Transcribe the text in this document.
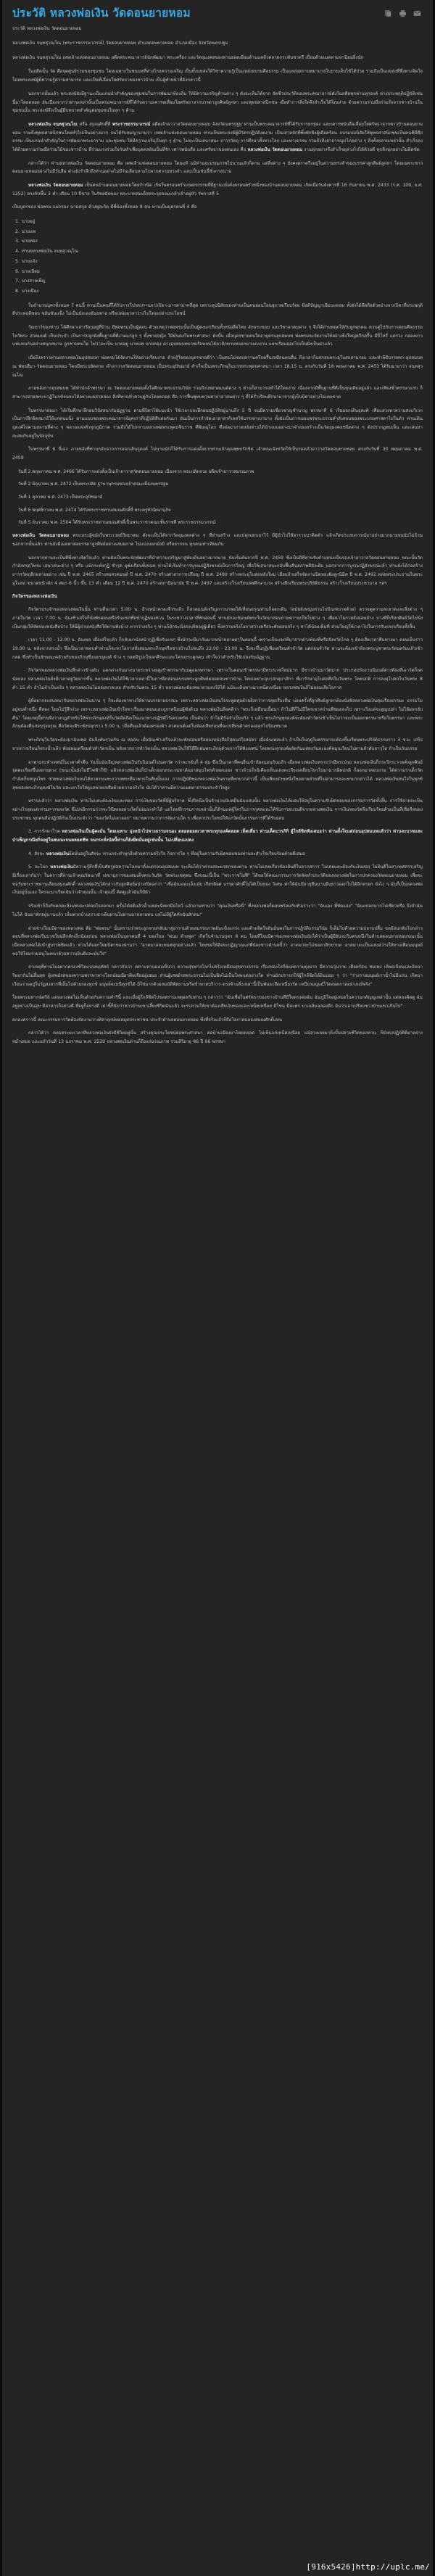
ประวัติ หลวงพ่อเงิน วัดดอนยายหอม

ประวัติ หลวงพ่อเงิน วัดดอนยายหอม

หลวงพ่อเงิน จนฺทสุวณฺโณ (พระราชธรรมาภรณ์) วัดดอนยายหอม ตำบลดอนยายหอม อำเภอเมือง จังหวัดนครปฐม

หลวงพ่อเงิน จนฺทสุวณฺโณ เทพเจ้าแห่งดอนยายหอม อดีตพระคณาจารย์นักพัฒนา พระเครื่อง และวัตถุมงคลของท่านยอดเยี่ยมด้านแคล้วคลาดกระพันชาตรี เปี่ยมด้วยเมตตามหานิยมยิ่งนัก

ในอดีตนั้น วัด คือจุดศูนย์รวมของชุมชน โดยเฉพาะในชนบทที่ห่างไกลความเจริญ เป็นทั้งแหล่งให้วิชาความรู้เป็นแหล่งอบรมศีลธรรม เป็นแหล่งสถานพยาบาลในยามเจ็บไข้ได้ป่วย รวมถึงเป็นแหล่งที่พึ่งทางจิตใจ โดยพระสงฆ์ผู้มีความรู้ความสามารถ และเป็นที่เลื่อมใสศรัทธาของชาวบ้าน เป็นผู้ทำหน้าที่ดังกล่าวนี้

นอกจากนั้นแล้ว พระสงฆ์ยังมีฐานะเป็นแกนนำสำคัญของชุมชนในการพัฒนาท้องถิ่น ให้มีความเจริญด้านต่าง ๆ ดังจะเห็นได้จาก อัตชีวประวัติของพระคณาจารย์ดังในอดีตทุกท่านทุกองค์ ต่างประพฤติปฏิบัติเช่นนี้มาโดยตลอด อันเนื่องจากว่าท่านเหล่านั้นเป็นพระคณาจารย์ที่ได้รับความเคารพเลื่อมใสศรัทธาจากบรรดาลูกศิษย์ลูกหา และพุทธศาสนิกชน เมื่อทำการสิ่งใดจึงสำเร็จได้โดยง่าย ด้วยความร่วมมือร่วมใจจากชาวบ้านในชุมชนนั้น พระสงฆ์จึงเป็นผู้มีบทบาทสำคัญต่อชุมชนในทุก ๆ ด้าน

หลวงพ่อเงิน จนฺทสุวณฺโณ หรือ สมณศักดิ์ที่ พระราชธรรมาภรณ์ อดีตเจ้าอาวาสวัดดอนยายหอม จังหวัดนครปฐม ท่านเป็นพระคณาจารย์ที่ได้รับการยกย่อง และเคารพนับถือเลื่อมใสศรัทธาจากชาวบ้านดอนยายหอม รวมถึงพุทธศาสนิกชนโดยทั่วไปเป็นอย่างมาก จนได้รับสมญานามว่า เทพเจ้าแห่งดอนยายหอม ท่านเป็นพระสงฆ์ผู้มีวัตรปฏิบัติงดงาม เป็นเสาหลักที่พึ่งพักพิงผู้เดือดร้อน อบรมบ่มนิสัยให้พุทธศาสนิกชนเป็นคนดีมีศีลธรรม เป็นแกนนำสำคัญในการพัฒนาพระอาราม และชุมชน ให้มีความเจริญในทุก ๆ ด้าน ไม่จะเป็นเสนาสนะ ถาวรวัตถุ การศึกษาทั้งทางโลก และทางธรรม รวมถึงสิ่งสาธารณูปโภคต่าง ๆ สิ่งทั้งหลายเหล่านั้น สำเร็จลงได้ด้วยความร่วมมือร่วมไม้ของชาวบ้าน ที่ร่วมแรงร่วมใจกันทำเพื่อบุคคลอันเป็นที่รัก เคารพนับถือ และศรัทธาของตนเอง คือ หลวงพ่อเงิน วัดดอนยายหอม งานทุกอย่างจึงสำเร็จลุล่วงไปได้ด้วยดี ทุกสิ่งทุกอย่างไม่ติดขัด

กล่าวได้ว่า ท่านหลวงพ่อเงิน วัดดอนยายหอม คือ เทพเจ้าแห่งดอนยายหอม โดยแท้ แม้ท่านจะมรณภาพไปนานแล้วก็ตาม แต่สิ่งต่าง ๆ ยังคงตราตรึงอยู่ในความทรงจำของบรรดาลูกศิษย์ลูกหา โดยเฉพาะชาวดอนยายหอมอย่างไม่มีวันลืม ต่างยังรำลึกถึงท่านอย่างไม่มีวันเลือนหายไปจากความทรงจำ และเป็นเช่นนี้ชั่วกาลนาน

หลวงพ่อเงิน วัดดอนยายหอม เป็นคนบ้านดอนยายหอมโดยกำเนิด เกิดในครอบครัวเกษตรกรรมที่มีฐานะมั่งคั่งครอบครัวหนึ่งของบ้านดอนยายหอม เกิดเมื่อวันอังคารที่ 16 กันยายน พ.ศ. 2433 (ร.ศ. 109, จ.ศ. 1252) ตรงกับขึ้น 3 ค่ำ เดือน 10 ปีขาล ในรัชสมัยของ พระบาทสมเด็จพระจุลจอมเกล้าเจ้าอยู่หัว รัชกาลที่ 5

เป็นบุตรของ พ่อพรม-แม่กรอง นามสกุล ด้วงพูลเกิด มีพี่น้องทั้งหมด 8 คน ท่านเป็นบุตรคนที่ 4 คือ

1. นายอยู่
2. นายแพ
3. นายทอง
4. ท่านหลวงพ่อเงิน จนฺทสุวณฺโณ
5. นายแจ้ง
6. นายเนียม
7. นางสายเพ็ญ
8. นางเมือง

ในจำนวนบุตรทั้งหมด 7 คนนี้ ท่านเป็นคนที่ได้รับการโปรดปรานจากบิดา-มารดามากที่สุด เพราะอุปนิสัยของท่านเป็นคนอ่อนโยนสุภาพเรียบร้อย มีสติปัญญาเฉียบแหลม ทั้งยังได้ยึดถือตัวอย่างจากบิดาที่ประพฤติดีประพฤติชอบ ขยันขันแข็ง ไม่เป็นนักเลงอันธพาล หรือปล่อยเวลาว่างไปโดยเปล่าประโยชน์

วัยเยาว์ของท่าน ได้ศึกษาเล่าเรียนอยู่ที่บ้าน มีพ่อพรมเป็นผู้สอน ด้วยเหตุว่าพ่อพรมนั้นเป็นผู้คงแก่เรียนทั้งหนังสือไทย อักษระขอม และวิชาอาคมต่าง ๆ จึงได้ถ่ายทอดให้กับลูกทุกคน ควบคู่ไปกับการสอนศีลธรรม ไหว้พระ สวดมนต์ เป็นประจำ เป็นการปลูกฝังพื้นฐานที่ดีงามแก่ลูก ๆ ทั้งชายหญิง ให้มั่นคงในพระศาสนา ดังนั้น เมื่อบุตรชายคนใดอายุครบอุปสมบท พ่อพรมจะจัดงานให้อย่างยิ่งใหญ่ครึกครื้น มีปี่โหรี่ แตรวง กลองยาว แห่แหนกันอย่างสนุกสนาน ลูกชายคนโต ไม่ว่าจะเป็น นายอยู่ นายแพ นายทอง ต่างอุปสมบทบวชเรียนจนได้ลาสิกขาบทออกมาแต่งงาน แยกเรือนออกไปเป็นฝั่งเป็นฝาแล้ว

เมื่อถึงคราวท่านหลวงพ่อเงินอุปสมบท พ่อพรมได้จัดงานให้อย่างเรียบง่าย ด้วยรู้ใจของบุตรชายดีว่า เป็นคนไม่ชอบความครึกครื้นเหมือนคนอื่น ถึงเวลาก็แห่รอบพระอุโบสถสามรอบ และทำพิธีบรรพชา-อุปสมบท ณ พัทธสีมา วัดดอนยายหอม โดยมีพระปลัดฮวย เจ้าอาวาสวัดดอนยายหอม เป็นพระอุปัชฌาย์ สำเร็จเป็นเพระภิกษุในบวรพระพุทธศาสนา เวลา 18.15 น. ตรงกับวันที่ 18 พฤษภาคม พ.ศ. 2453 ได้รับฉายาว่า จนฺทสุวณฺโณ

ภายหลังการอุปสมบท ได้ทำนักจำพรรษา ณ วัดดอนยายหอมตั้งใจศึกษาพระธรรมวินัย รวมถึงบทสวดมนต์ต่าง ๆ ท่านก็สามารถทำได้โดยง่าย เนื่องจากมีพื้นฐานที่ดีเป็นทุนเดิมอยู่แล้ว และเพียงชั่วพรรษาแรก ก็สามารถสวดพระปาฏิโมกข์จนจบได้อย่างแคล่วคล่อง สิ่งที่ท่านทำควบคู่กันโดยตลอด คือ การฟื้นฟูทบทวนคาถาอาคมต่าง ๆ ที่ได้ร่ำเรียนศึกษามาจากผู้เป็นบิดาอย่างไม่เคยขาด

ในพรรษาต่อมา ได้เริ่มศึกษาฝึกฝนวิปัสสนากัมมัฏฐาน ตามที่บิดาได้แนะนำ ใช้เวลาและฝึกฝนปฏิบัติอยู่นานถึง 5 ปี จนมีความเชี่ยวชาญชำนาญ พรรษาที่ 6 เริ่มออกเดินธุดงค์ เพื่อแสวงหาความสงบวิเวก เป็นการฝึกจิตสมาธิให้แก่ตนแข็ง ตามแบบของพระคณาจารย์ยุคเก่าที่ปฏิบัติสืบต่อกันมา อันเป็นการกำจัดเอาอาสวกิเลสให้บรรเทาเบาบาง ทั้งยังเป็นการเผยแพร่พระธรรมคำสั่งสอนของพระบรมศาสดาไปในตัว ท่านเดินธุดงค์ไปตามสถานที่ต่าง ๆ หลายแห่งทั่วทุกภูมิภาค รวมถึงได้ไปกราบหลวงพ่อพระพุทธชินราช ที่พิษณุโลก ซึ่งต่อมาภายหลังท่านได้นำแบบอย่างมาจำลองสร้างเป็นวัตถุมงคลชนิดต่าง ๆ ดังปรากฏพบเห็น และเล่นหาสะสมกันอยู่ในปัจจุบัน

ในพรรษาที่ 6 นี่เอง ภายหลังที่ท่านกลับจากการออกเดินธุดงค์ ไม่นานนักก็ได้รับการแต่งตั้งจากท่านเจ้าคุณพุทธรักขิต เจ้าคณะจังหวัดให้เป็นรองเจ้าอาวาสวัดดอนยายหอม ตรงกับวันที่ 30 พฤษภาคม พ.ศ. 2459

วันที่ 2 พฤษภาคม พ.ศ. 2466 ได้รับการแต่งตั้งเป็นเจ้าอาวาสวัดดอนยายหอม เนื่องจาก พระปลัดฮวย อดีตเจ้าอาวาสมรณภาพ

วันที่ 2 มิถุนายน พ.ศ. 2472 เป็นพระปลัด ฐานานุกรมของเจ้าคณะเมืองนครปฐม

วันที่ 1 ตุลาคม พ.ศ. 2473 เป็นพระอุปัชฌาย์

วันที่ 6 พฤศจิกายน พ.ศ. 2474 ได้รับพระราชทานสมณศักดิ์ที่ พระครูทักษิณานุกิจ

วันที่ 5 ธันวาคม พ.ศ. 2504 ได้รับพระราชทานสมณศักดิ์เป็นพระราชาคณะชั้นราชที่ พระราชธรรมาภรณ์

หลวงพ่อเงิน วัดดอนยายหอม พระเถระผู้ขมังในพระเวทย์วิทยาคม ดังจะเห็นได้จากวัตถุมงคลต่าง ๆ ที่ท่านสร้าง และปลุกเสกเอาไว้ มีผู้นำไปใช้อาราธนาติดตัว แล้วเกิดประสบการณ์มาอย่างมากมายจนนับไม่ถ้วน นอกจากนั้นแล้ว ท่านยังมีเมตตาต่อบรรดาลูกศิษย์อย่างเสมอภาค ไม่แบ่งแยกมั่งมี หรือยากจน ทุกคนเท่าเทียมกัน

นอกจากท่านจะเป็นที่พึ่งทางจิตใจแล้ว ท่านยังเป็นพระนักพัฒนาที่นำความเจริญมาสู่ท้องถิ่นอย่างมากมาย นับเริ่มต้นจากปี พ.ศ. 2459 ซึ่งเป็นปีที่ท่านรับตำแหน่งเป็นรองเจ้าอาวาสวัดดอนยายหอม ขณะนั้นวัดกำลังทรุดโทรม เสนาสนะต่าง ๆ หรือ แม้กระทั่งกุฏิ ชำรุด ผุพังเกือบทั้งหมด ท่านได้เริ่มทำการบูรณปฏิสังขรณ์เป็นการใหญ่ เพื่อให้เสนาสนะกลับฟื้นคืนสภาพดีดังเดิม นอกจากการบูรณปฏิสังขรณ์แล้ว ท่านยังได้ก่อสร้างถาวรวัตถุอีกหลายอย่าง เช่น ปี พ.ศ. 2465 สร้างหอสวดมนต์ ปี พ.ศ. 2470 สร้างศาลาการเปรียญ ปี พ.ศ. 2480 สร้างพระอุโบสถหลังใหม่ เมื่อแล้วเสร็จจัดงานปิดทองฝังลูกนิมิต ปี พ.ศ. 2492 หล่อพระประธานในพระอุโบสถ ขนาดหน้าตัก 4 ศอก 6 นิ้ว ขึ้น 13 ค่ำ เดือน 12 ปี พ.ศ. 2470 สร้างสถานีอนามัย ปี พ.ศ. 2497 และสร้างโรงเรียนสพศึกษาบาล สร้างตึกเรียนพระปริยัติธรรม สร้างโรงเรียนประชาบาล ฯลฯ

กิจวัตรของหลวงพ่อเงิน

กิจวัตรประจำของหลวงพ่อเงินนั้น ท่านตื่นเวลา 5.00 น. ล้างหน้าครองจีวรแล้ว ก็สวดมนต์เจริญภาวนาพอได้เที่ยนอรุณท่านก็ออกเดิน (สมัยยังหนุ่มท่านไปบิณฑบาตด้วย) ตรวจดูความสะอาดและสิ่งต่าง ๆ ภายในวัด เวลา 7.00 น. ฉันเช้าเสร็จก็นั่งพักผ่อนหรือรับแขกที่หน้ากุฏิของท่าน ในระหว่างเวลาที่พักผ่อนนี้ ท่านมักจะนิมนต์พระในวัดมาสอบถามความเป็นไปต่าง ๆ เพื่อหาโอกาสสั่งสอนบ้าง บางทีก็เรียกศิษย์วัดไปนั่งเป็นกลุ่มให้หัดท่องหนังสือบ้าง ให้มีผู้อ่านหนังสือให้ท่านฟังบ้าง หากว่างจริง ๆ ท่านก็มักจะนั่งสงบจิตอยู่ผู้เดียว ซึ่งความจริงโอกาสว่างหรือจะพักผ่อนจริง ๆ หาได้น้อยเต็มที ส่วนใหญ่ใช้เวลาไปในการรับแขกเกือบทั้งสิ้น

เวลา 11.00 - 12.00 น. ฉันเพล เมื่อเสร็จแล้ว ก็กลับมานั่งหน้ากุฏิเพื่อรับแขก ซึ่งมักจะมีมากันมากหน้าหลายตาในตอนนี้ เพราะเป็นแขกที่มาจากต่างท้องที่หรือจังหวัดไกล ๆ ต้องเสียเวลาคืนทางมา ตอนเย็นราว 19.00 น. หลังจากสรงน้ำ ซึ่งเป็นเวลาพลบค่ำท่านก็จะหาโอกาสสั่งสอนพระภิกษุหรือชาวบ้านไปจนถึง 22.00 - 23.00 น. จึงจะขึ้นกุฏิเพื่อเตรียมตัวจำวัด แต่ก่อนจำวัด ท่านจะต้องเข้าห้องพระบูชาพระรัตนตรัยแล้วเข้ากลด ซึ่งทำเป็นลักษณะคล้ายกับของภิกษุซึ่งออกธุดงค์ ข้าง ๆ กลดมีรูปะโหลกศีรษะและโครงกระดูกคน เข้าใจว่าสำหรับใช้เปลงกัมมัฏฐาน

กิจวัตรของหลวงพ่อเงินที่กล่าวข้างต้น แตกต่างกันมากมายระหว่างฤดูเข้าพรรษากับฤดูออกพรรษา เพราะในตอนเข้าพรรษามีพระบวชใหม่มาก มีชาวบ้านมาวัดมาก ประกอบกับงานนิมนต์ต่างท้องที่เอาวัดก็ลดน้อยลง หลวงพ่อเงินจึงมีเวลาอยู่วัดมากขึ้น หลวงพ่อเงินได้ใช้เวลาเหล่านี้ในการฝึกสอนอบรมพระลูกศิษย์ตลอดจนชาวบ้าน โดยเฉพาะอุบาสกอุบาสิกา ที่มารักษาอุโบสถศีลในวันพระ โดยปกติ การลงอุโบสถในวันพระ 8 ค่ำ 15 ค่ำ ถ้าไม่จำเป็นจริง ๆ หลวงพ่อเงินไม่ยอมขาดเลย สำหรับวันพระ 15 ค่ำ หลวงพ่อจะต้องพยายามลงให้ได้ แม้จะเดินทางมาเหน็ดเหนื่อย หลวงพ่อเงินก็ไม่ยอมเสียโอกาส

ผู้ที่อยากจะสนทนากับหลวงพ่อเงินนาน ๆ ก็จะต้องหาทางให้ท่านบรรยายธรรมะ เพราะหลวงพ่อเงินสนใจจะพูดคุยด้วยยิ่งกว่าการคุยเรื่องอื่น บ่อยครั้งที่ลูกศิษย์ลูกหาต้องนั่งฟังหลวงพ่อเงินคุยเรื่องธรรมะ ธรรมโม อยู่จนค่ำหนึ่ง ดีสอง โดยไม่รู้สึกง่วง เพราะหลวงพ่อเงินเข้าใจหาเรื่องมาสอนและถูกรสนิยมผู้ฟังด้วย หลวงพ่อเงินถือคติว่า "พระก็เหมือนเนื้อนา ถ้าไม่ดีก็ไม่มีใครเขาหว่านพืชผลลงไป เพราะริงแต่จะสูญเปล่า ไม่ได้ผลกลับคืน" โดยเหตุนี้ท่านจึงวางกฎสำหรับให้พระภิกษุสงฆ์ในวัดยึดถือเป็นแนวทางปฏิบัติไว้เคร่งครัด เป็นต้นว่า ถ้าไม่มีกิจจำเป็นจริง ๆ แล้ว พระภิกษุทุกองค์จะต้องทำวัตรเช้าเย็นไม่ว่าจะเป็นออกพรรษาหรือในพรรษา และพระภิกษุต้องตื่นก่อนรุ่งอรุณ คือวัดจะตีระฆังปลุกราว 5.00 น. เมื่อตื่นแล้วต้องครองผ้า สวดมนต์แต่ในท้องเสียก่อนที่จะเปลี่ยนผ้าครองออกไปบิณฑบาต

พระภิกษุในวัดจะต้องมาฉันเพล ฉันจึงทันรวมกัน ณ หอฉัน เมื่อฉันเช้าเสร็จแล้วจะพักผ่อนหรือท่องหนังสือก็สุดแต่ใจสมัคร เมื่อฉันเพลแล้ว ถ้าเป็นในฤดูในพรรษาจะต้องขึ้นเรียนพระปริยัติธรรมราว 3 ช.ม. เสร็จจากการเรียนก็สรงน้ำแล้ว พักผ่อนเตรียมตัวทำวัตรเย็น หลังจากการทำวัตรเย็น หลวงพ่อเงินใช้วิธีฝึกฝนพระภิกษุด้วยการให้ฟังเทศน์ โดยพระทุกองค์ผลัดกันแสดงวันละองค์หมุนเวียนไปตามลำดับอาวุโส ถ้าเป็นวันธรรม

อาพาธกะทำเทศน์ในเวลาค่ำคืน วันนั้นบังเอิญหลวงพ่อเงินรับนิมนต์ไปนอกวัด กว่าจะกลับก็ 4 ทุ่ม ซึ่งเป็นเวลาที่คนอื่นเข้าห้องนอนกันแล้ว เมื่อหลวงพ่อเงินทราบว่ามีพระป่วย หลวงพ่อเงินก็กระวีกระวาดสั่งลูกศิษย์จุดตะเกียงขึ้นหลายดวง (ขณะนั้นยังไม่มีไฟฟ้าใช้) แล้วหลวงพ่อเงินก็นำเด็กออกตระเวนหาต้นยาสมุนไพรด้วยตนเอง ชาวบ้านใกล้เคียงเห็นแสงตะเกียงเคลื่อนไหวไปมามากผิดปกติ ก็ออกมาสอบถาม ได้ความว่าเด็กวัดกำลังเก็บสมุนไพร ช่วยหลวงพ่อเงินจนได้ยาครบและถวายพระที่อาพาธในคืนนั้นเอง การปฏิบัติของหลวงพ่อเงินตามที่ยกมากล่าวนี้ เป็นเพียงส่วนหนึ่งในหลายส่วนที่ไม่สามารถจะยกมากล่าวได้ หลวงพ่อเงินสนใจในทุกข์สุขของพระภิกษุสงฆ์ในวัด และเอาใจใส่ดูแลช่วยเหลือด้วยความจริงใจ นับได้ว่าท่านมีความเมตตาธรรมประจำใจสูง

ทราบแล้วว่า หลวงพ่อเงิน ท่านไม่แตะต้องเงินและทอง การเงินของวัดที่มีผู้บริจาค ซึ่งปีหนึ่งเป็นจำนวนนับหมื่นนับแสนนั้น หลวงพ่อเงินได้มอบให้อยู่ในความรับผิดชอบของกรรมการวัดทั้งสิ้น การใช้จ่ายจะเป็นอย่างไรสุดแต่กรรมการของวัด ซึ่งปกติกรรมการจะใช้สอยอย่างใดก็ย่อมจะทำได้ แต่โดยที่กรรมการเหล่านั้นก็ล้วนแต่ผู้ใคร่ในการกุศลและได้รับการอบรมดีจากหลวงพ่อเงิน การเงินของวัดจึงเรียบร้อยด้วยเป็นที่เชื่อถือของประชาชน ทุกคนถือปฏิบัติกันเป็นประจำว่า "ของวัดไม่เอาออก" หมายความว่าการจัดงานใด ๆ เพื่อหาประโยชน์ให้แก่วัดนั้นกรรมการที่ได้รับมอบ

3. การรักษาโรค หลวงพ่อเงินเป็นผู้คงมั่น โดยเฉพาะ มุ่งหน้าไปทางธรรมจนอง ตลอดยอดเวลาพระทุกองค์ตลอด เด็ดเดี่ยว ท่านเด็ดบวรภิกิ ผู้ใกล้ชิดฟังเสมอว่า ท่านตั้งใจแต่ก่อนอุปสมบทแล้วว่า ท่านจะบวชและบำเพ็ญกรณียกิจอยู่ในสมณะจนตลอดชีพ จนกระทั่งบัดนี้ท่านก็ยังยึดมั่นอยู่เช่นนั้น ไม่เปลี่ยนแปลง

4. สัจจะ หลวงพ่อเงินยึดมั่นอยู่ในสัจจะ ท่านกระทำทุกสิ่งด้วยความจริงใจ กิจการใด ๆ ที่อยู่ในความรับผิดชอบของท่านจะสำเร็จเรียบร้อยด้วยดีเสมอ

5. ละโลภ หลวงพ่อเงินมีความรู้สึกที่เป็นศัตรูต่อความโลภมาตั้งแต่ก่อนอุปสมบท จะเห็นได้ว่าท่านสละมรดกของท่าน ท่านไม่เคยเกี่ยวข้องยินดีในลาภสการ ไม่เคยแตะต้องกับเงินทอง ไม่ยินดีในลาภยศสรรเสริญ มีเรื่องเล่ากันว่า ในคราวที่ท่านเจ้าคุณวัดแเวที่ เลขานุการของสมเด็จพระวันรัด วัดพระเชตุพน ซึ่งขณะนี้เป็น "พระราชโมฬี" ได้ขอให้คณะกรรมการวัดจัดทำประวัติของหลวงพ่อในการปกครองวัดดอนยายหอม เพื่อจะขอรับพระราชทานเลื่อนสมณศักดิ์ หลวงพ่อเงินได้กล่าวกับลูกศิษย์อย่างเปิดอกว่า "เชื่อฉันเถอะเอ็งเอ๋ย เกียรติยศ บรรดาศักดิ์ไม่ได้เป็นของ วิเศษ ท่าให้ฉันมีอายุยืนนานยืนยาวออกไปได้อีกหรอก ยังไง ๆ ฉันก็เป็นหลวงพ่อเงินอยู่นั่นเอง ใครจะมาเรียกฉันว่าเจ้าคุณนั้น เจ้าคุณนี้ คิดดูแล้วฉันก็มีผ้า

จริงเข้าก็ถึงกับตกตะลึงแทบจะปล่อยโธออกมา ครั้นได้สติแล้วน้ำแหละจึงยกมือไหว้ แล้วถามท่านว่า "คุณเงินหรือนี่" ซึ่งหลวงพ่อก็ตอบพร้อมกับหัวเราะว่า "ฉันเอง พี่ทัดแจ่ง" "ฉันแปลกมากไปเชียวหรือ จึงจำฉันไม่ได้ ฉันมาพักอยู่นานแล้ว เห็นพวกบ้านเราเขาเดินผ่านไปผ่านมาหลายคน แต่ไม่มีผู้ใดทักฉันสักคน"

ฝ่ายช่างโยมบิดาของหลวงพ่อ คือ "พ่อพรม" นั้นทราบว่าพระลูกชายกลับมาสู่อารามด้วยสมรรถภาพอันแข็งแกร่ง และด้วยจิตใจอันมั่นคงในการปฏิบัติธรรมวินัย ก็เต็มไปด้วยความปลาบปลื้ม ขอย้อนกลับไปกล่าวตอนที่หลวงพ่อเริ่มบวชใหม่อีกสักเล็กน้อยก่อน หลวงพ่อเป็นบุตรคนที่ 4 ของโยม "พนม ด้วงพูล" เกิดในจำนวนบุตร 8 คน โดยที่โยมบิดาของหลวงพ่อเงินนับได้ว่าเป็นผู้มีอันจะกินคนหนึ่งในตำบลดอนยายหอมขณะนั้น เมื่อหลวงพ่อได้เข้าสู่บรรพชิตแล้ว ท่านได้บอกโยมบิดาของท่านว่า "อาตมาสละหมดทุกอย่างแล้ว โดยขอให้สิจจะปฏิญาณแก่พี่น้องชาวตำบลนี้ว่า อาตมาจะไม่ขอลาสิกขาบท อาตมาจะเป็นแสงสว่างให้ทางเพื่อนมนุษย์ ขอให้โยมร่วมอนุโมทนาด้วยความยินดีและมั่นใจ"

สาเหตุที่ท่านไม่อยากครองชีวิตแบบคฤหัสถ์ กล่าวกันว่า เพราะท่านมองเห็นว่า ความสุขทางโลกไม่จริงเหมือนสุขทางธรรม เรื่องของโลกีย์แต่ความยุ่งยาก มีความวุ่นวาย เดือดร้อน ชมเพง เบียดเบียนและอิจฉาริษยากันไม่สิ้นสุด ผู้เสพย์รสของความพรรษาทางโลกย่อมมียาพิษเจืออยู่เสมอ ส่วนผู้เสพย์รสพระธรรมไม่เป็นพิษไม่เป็นโทษแต่อย่างใด ท่านมักปรารภให้ผู้ใกล้ชิดได้ยินบ่อย ๆ ว่า "ร่างกายมนุษย์เราน้ำไม่มีแก่น เกิดมาเวียนว่ายอยู่ในวัฏสงสารที่เต็มไปด้วยกองทุกข์ มนุษย์จะหนีทุกข์ได้ มิใช่มากด้วยสมบัติพัสถานหรือข้าทาสบริวาร ตรงข้ามสิ่งเหล่านี้เป็นพันธะยึดเหนี่ยวรัด เหนี่ยวมนุษย์ไว้ตลอดกาลอย่างแท้จริง"

โดยพระมหากษัตริย์ แต่หลวงพ่อไม่เห็นด้วยกับความคำรินี้ และเมื่อผู้ใกล้ชิดไปขอทราบเหตุผลกับท่าน ๆ กล่าวว่า "ฉันเชื่อในศรัทธาของชาวบ้านที่มีใจตรงต่อฉัน ฉันภูมิใจอยู่เสมอในความกตัญญูเหล่านั้น แต่ลองคิดดู ฉันอยู่อย่างเป็นสุข มีอาหารก็อย่างดี ที่อยู่ก็อย่างดี เท่านี้ก็นับว่าชาวบ้านเขาเลี้ยงชีวิตฉันแล้ว จะรบกวนให้เขาต้องเสียเงินทองและเหน็ดเหนื่อย มีโขน มีละคร มาเฉลิมฉลองอีก ฉันว่าเอาเปรียบชาวบ้านเขาเกินไป"

ตกลงคราวนี้ คณะกรรมการวัดต้องจัดงานวางศิลาฤกษ์หอสมุดประชาชน ประจำตำบลดอนยายหอม ซึ่งที่จริงแล้วก็ถือโอกาสฉลองสมณศักดิ์แทน

กล่าวได้ว่า ตลอดระยะเวลาที่หลวงพ่อเงินยังมีชีวิตอยู่นั้น สร้างคุณประโยชน์ต่อพระศาสนา ต่อบ้านเมืองมาโดยตลอด ไม่เห็นแก่เหน็ดเหนื่อย แม้ล่วงเลยมาถึงบั้นปลายชีวิตของท่าน ก็ยังคงปฏิบัติดีมาอย่างสม่ำเสมอ และแล้ววันที่ 13 มกราคม พ.ศ. 2520 หลวงพ่อเงินท่านก็ถึงแก่มรณภาพ รวมสิริอายุ 86 ปี 66 พรรษา

[916x5426]http://uplc.me/
